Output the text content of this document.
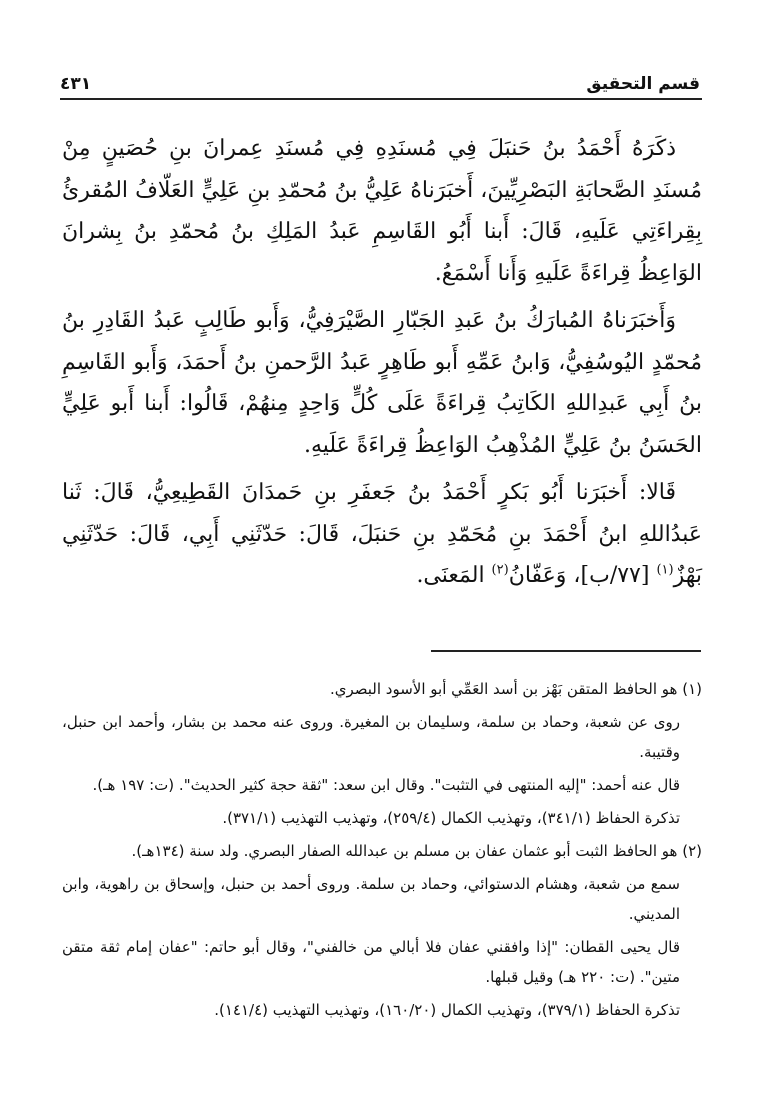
قسم التحقيق
٤٣١

ذكَرَهُ أَحْمَدُ بنُ حَنبَلَ فِي مُسنَدِهِ فِي مُسنَدِ عِمرانَ بنِ حُصَينٍ مِنْ مُسنَدِ الصَّحابَةِ البَصْرِيِّينَ، أَخبَرَناهُ عَلِيُّ بنُ مُحمّدِ بنِ عَلِيٍّ العَلّافُ المُقرئُ بِقِراءَتِي عَلَيهِ، قَالَ: أَبنا أَبُو القَاسِمِ عَبدُ المَلِكِ بنُ مُحمّدِ بنُ بِشرانَ الوَاعِظُ قِراءَةً عَلَيهِ وَأَنا أَسْمَعُ.

وَأَخبَرَناهُ المُبارَكُ بنُ عَبدِ الجَبّارِ الصَّيْرَفِيُّ، وَأَبو طَالِبٍ عَبدُ القَادِرِ بنُ مُحمّدٍ اليُوسُفِيُّ، وَابنُ عَمِّهِ أَبو طَاهِرٍ عَبدُ الرَّحمنِ بنُ أَحمَدَ، وَأَبو القَاسِمِ بنُ أَبِي عَبدِاللهِ الكَاتِبُ قِراءَةً عَلَى كُلٍّ وَاحِدٍ مِنهُمْ، قَالُوا: أَبنا أَبو عَلِيٍّ الحَسَنُ بنُ عَلِيٍّ المُذْهِبُ الوَاعِظُ قِراءَةً عَلَيهِ.

قَالا: أَخبَرَنا أَبُو بَكرٍ أَحْمَدُ بنُ جَعفَرِ بنِ حَمدَانَ القَطِيعِيُّ، قَالَ: ثَنا عَبدُاللهِ ابنُ أَحْمَدَ بنِ مُحَمّدِ بنِ حَنبَلَ، قَالَ: حَدّثَنِي أَبِي، قَالَ: حَدّثَنِي بَهْزٌ$^{(١)}$ [٧٧/ب]، وَعَفّانُ$^{(٢)}$ المَعنَى.

(١) هو الحافظ المتقن بَهْز بن أسد العَمِّي أبو الأسود البصري.

روى عن شعبة، وحماد بن سلمة، وسليمان بن المغيرة. وروى عنه محمد بن بشار، وأحمد ابن حنبل، وقتيبة.

قال عنه أحمد: "إليه المنتهى في التثبت". وقال ابن سعد: "ثقة حجة كثير الحديث". (ت: ١٩٧ هـ).

تذكرة الحفاظ (٣٤١/١)، وتهذيب الكمال (٢٥٩/٤)، وتهذيب التهذيب (٣٧١/١).

(٢) هو الحافظ الثبت أبو عثمان عفان بن مسلم بن عبدالله الصفار البصري. ولد سنة (١٣٤هـ).

سمع من شعبة، وهشام الدستوائي، وحماد بن سلمة. وروى أحمد بن حنبل، وإسحاق بن راهوية، وابن المديني.

قال يحيى القطان: "إذا وافقني عفان فلا أبالي من خالفني"، وقال أبو حاتم: "عفان إمام ثقة متقن متين". (ت: ٢٢٠ هـ) وقيل قبلها.

تذكرة الحفاظ (٣٧٩/١)، وتهذيب الكمال (١٦٠/٢٠)، وتهذيب التهذيب (١٤١/٤).
